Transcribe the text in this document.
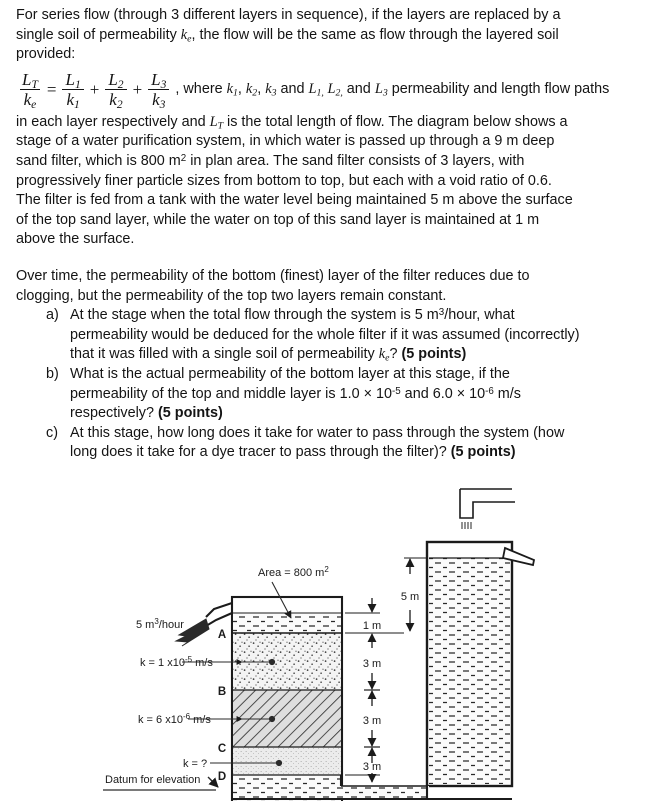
For series flow (through 3 different layers in sequence), if the layers are replaced by a

single soil of permeability $k_e$, the flow will be the same as flow through the layered soil

provided:

$\frac{L_T}{k_e} = \frac{L_1}{k_1} + \frac{L_2}{k_2} + \frac{L_3}{k_3}$ , where $k_1$, $k_2$, $k_3$ and $L_{1,}$ $L_{2,}$ and $L_3$ permeability and length flow paths

in each layer respectively and $L_T$ is the total length of flow. The diagram below shows a

stage of a water purification system, in which water is passed up through a 9 m deep

sand filter, which is 800 $m^2$ in plan area. The sand filter consists of 3 layers, with

progressively finer particle sizes from bottom to top, but each with a void ratio of 0.6.

The filter is fed from a tank with the water level being maintained 5 m above the surface

of the top sand layer, while the water on top of this sand layer is maintained at 1 m

above the surface.

Over time, the permeability of the bottom (finest) layer of the filter reduces due to

clogging, but the permeability of the top two layers remain constant.

a) At the stage when the total flow through the system is 5 $m^3$/hour, what

permeability would be deduced for the whole filter if it was assumed (incorrectly)

that it was filled with a single soil of permeability $k_e$? (5 points)

b) What is the actual permeability of the bottom layer at this stage, if the

permeability of the top and middle layer is $1.0 \times 10^{-5}$ and $6.0 \times 10^{-6}$ m/s

respectively? (5 points)

c) At this stage, how long does it take for water to pass through the system (how

long does it take for a dye tracer to pass through the filter)? (5 points)

A
B
C
D
5 $m^3$/hour
k = 1 $x10^{-5}$ m/s
k = 6 $x10^{-6}$ m/s
k = ?
Datum for elevation
Area = 800 $m^2$
1 m
3 m
3 m
3 m
5 m
